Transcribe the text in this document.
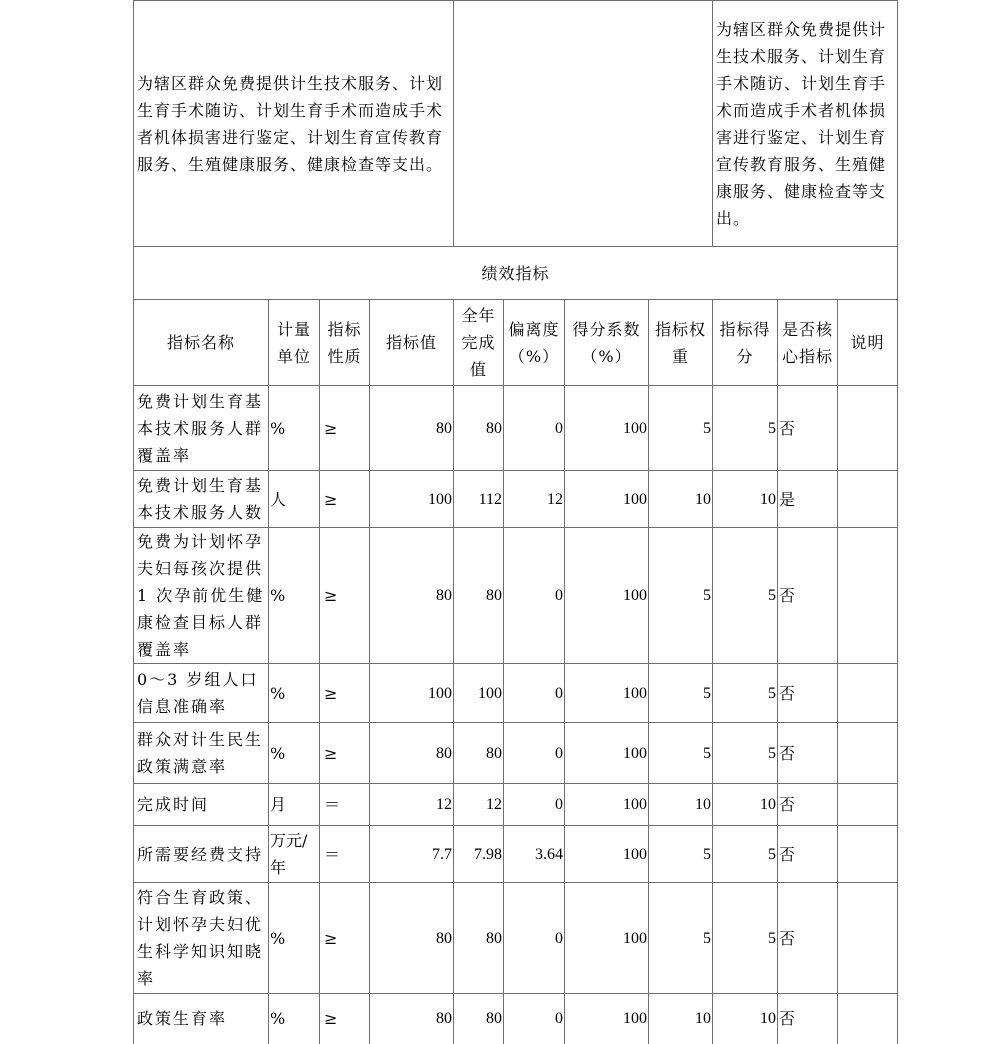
为辖区群众免费提供计生技术服务、计划生育手术随访、计划生育手术而造成手术者机体损害进行鉴定、计划生育宣传教育服务、生殖健康服务、健康检查等支出。								为辖区群众免费提供计生技术服务、计划生育手术随访、计划生育手术而造成手术者机体损害进行鉴定、计划生育宣传教育服务、生殖健康服务、健康检查等支出。		
绩效指标										
指标名称	计量单位	指标性质	指标值	全年完成值	偏离度（%）	得分系数（%）	指标权重	指标得分	是否核心指标	说明
免费计划生育基本技术服务人群覆盖率	%	≥	80	80	0	100	5	5	否	
免费计划生育基本技术服务人数	人	≥	100	112	12	100	10	10	是	
免费为计划怀孕夫妇每孩次提供1 次孕前优生健康检查目标人群覆盖率	%	≥	80	80	0	100	5	5	否	
0～3 岁组人口信息准确率	%	≥	100	100	0	100	5	5	否	
群众对计生民生政策满意率	%	≥	80	80	0	100	5	5	否	
完成时间	月	＝	12	12	0	100	10	10	否	
所需要经费支持	万元/年	＝	7.7	7.98	3.64	100	5	5	否	
符合生育政策、计划怀孕夫妇优生科学知识知晓率	%	≥	80	80	0	100	5	5	否	
政策生育率	%	≥	80	80	0	100	10	10	否	
